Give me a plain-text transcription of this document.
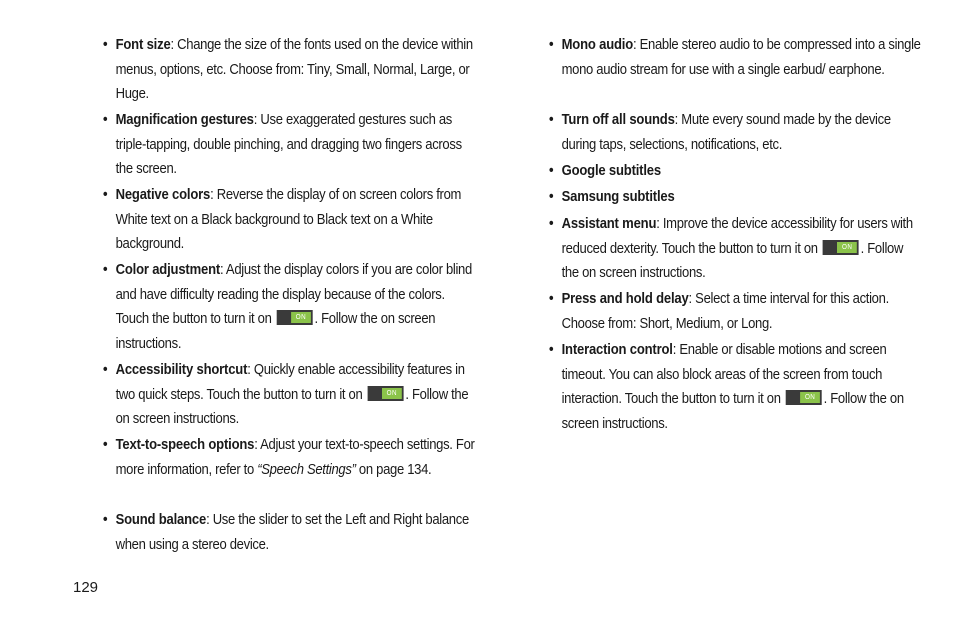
• Font size: Change the size of the fonts used on the device within menus, options, etc. Choose from: Tiny, Small, Normal, Large, or Huge.
• Magnification gestures: Use exaggerated gestures such as triple-tapping, double pinching, and dragging two fingers across the screen.
• Negative colors: Reverse the display of on screen colors from White text on a Black background to Black text on a White background.
• Color adjustment: Adjust the display colors if you are color blind and have difficulty reading the display because of the colors. Touch the button to turn it on	ON . Follow the on screen instructions.
• Accessibility shortcut: Quickly enable accessibility features in two quick steps. Touch the button to turn it on	ON . Follow the on screen instructions.
• Text-to-speech options: Adjust your text-to-speech settings. For more information, refer to “Speech Settings” on page 134.
• Sound balance: Use the slider to set the Left and Right balance when using a stereo device.
• Mono audio: Enable stereo audio to be compressed into a single mono audio stream for use with a single earbud/ earphone.
• Turn off all sounds: Mute every sound made by the device during taps, selections, notifications, etc.
• Google subtitles
• Samsung subtitles
• Assistant menu: Improve the device accessibility for users with reduced dexterity. Touch the button to turn it on	ON . Follow the on screen instructions.
• Press and hold delay: Select a time interval for this action. Choose from: Short, Medium, or Long.
• Interaction control: Enable or disable motions and screen timeout. You can also block areas of the screen from touch interaction. Touch the button to turn it on	ON . Follow the on screen instructions.
129
